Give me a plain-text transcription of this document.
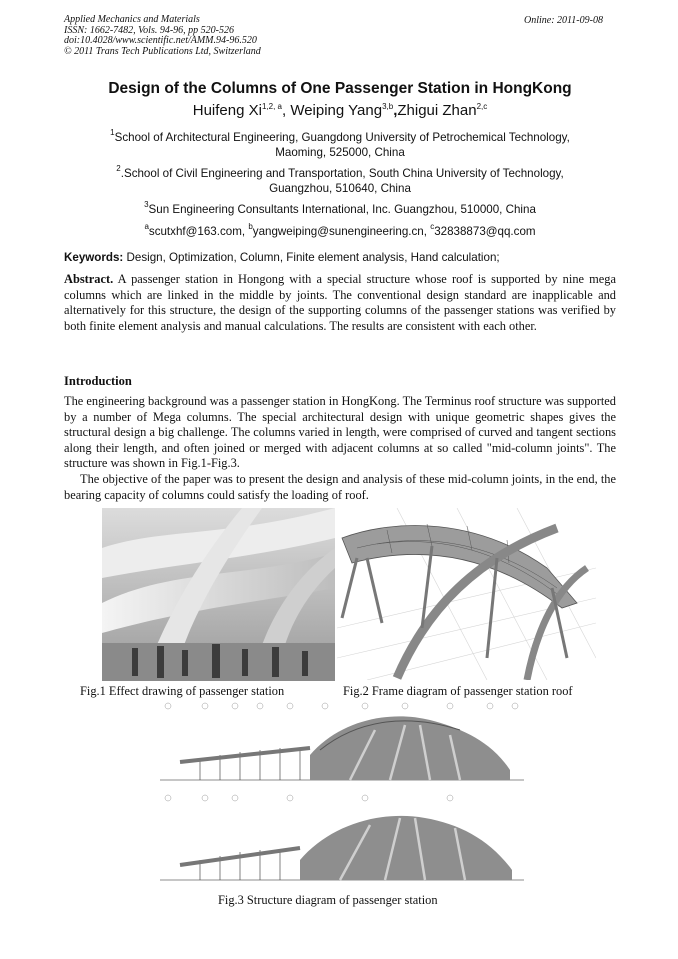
Applied Mechanics and Materials
ISSN: 1662-7482, Vols. 94-96, pp 520-526
doi:10.4028/www.scientific.net/AMM.94-96.520
© 2011 Trans Tech Publications Ltd, Switzerland
Online: 2011-09-08
Design of the Columns of One Passenger Station in HongKong
Huifeng Xi$^{1,2, a}$, Weiping Yang$^{3,b}$,Zhigui Zhan$^{2,c}$
$^1$School of Architectural Engineering, Guangdong University of Petrochemical Technology,
Maoming, 525000, China
$^2$.School of Civil Engineering and Transportation, South China University of Technology,
Guangzhou, 510640, China
$^3$Sun Engineering Consultants International, Inc. Guangzhou, 510000, China
$^a$scutxhf@163.com, $^b$yangweiping@sunengineering.cn, $^c$32838873@qq.com
Keywords: Design, Optimization, Column, Finite element analysis, Hand calculation;
Abstract. A passenger station in Hongong with a special structure whose roof is supported by nine mega columns which are linked in the middle by joints. The conventional design standard are inapplicable and alternatively for this structure, the design of the supporting columns of the passenger stations was verified by both finite element analysis and manual calculations. The results are consistent with each other.
Introduction
The engineering background was a passenger station in HongKong. The Terminus roof structure was supported by a number of Mega columns. The special architectural design with unique geometric shapes gives the structural design a big challenge. The columns varied in length, were comprised of curved and tangent sections along their length, and often joined or merged with adjacent columns at so called "mid-column joints". The structure was shown in Fig.1-Fig.3.
The objective of the paper was to present the design and analysis of these mid-column joints, in the end, the bearing capacity of columns could satisfy the loading of roof.
Fig.1 Effect drawing of passenger station	Fig.2 Frame diagram of passenger station roof
Fig.3 Structure diagram of passenger station
